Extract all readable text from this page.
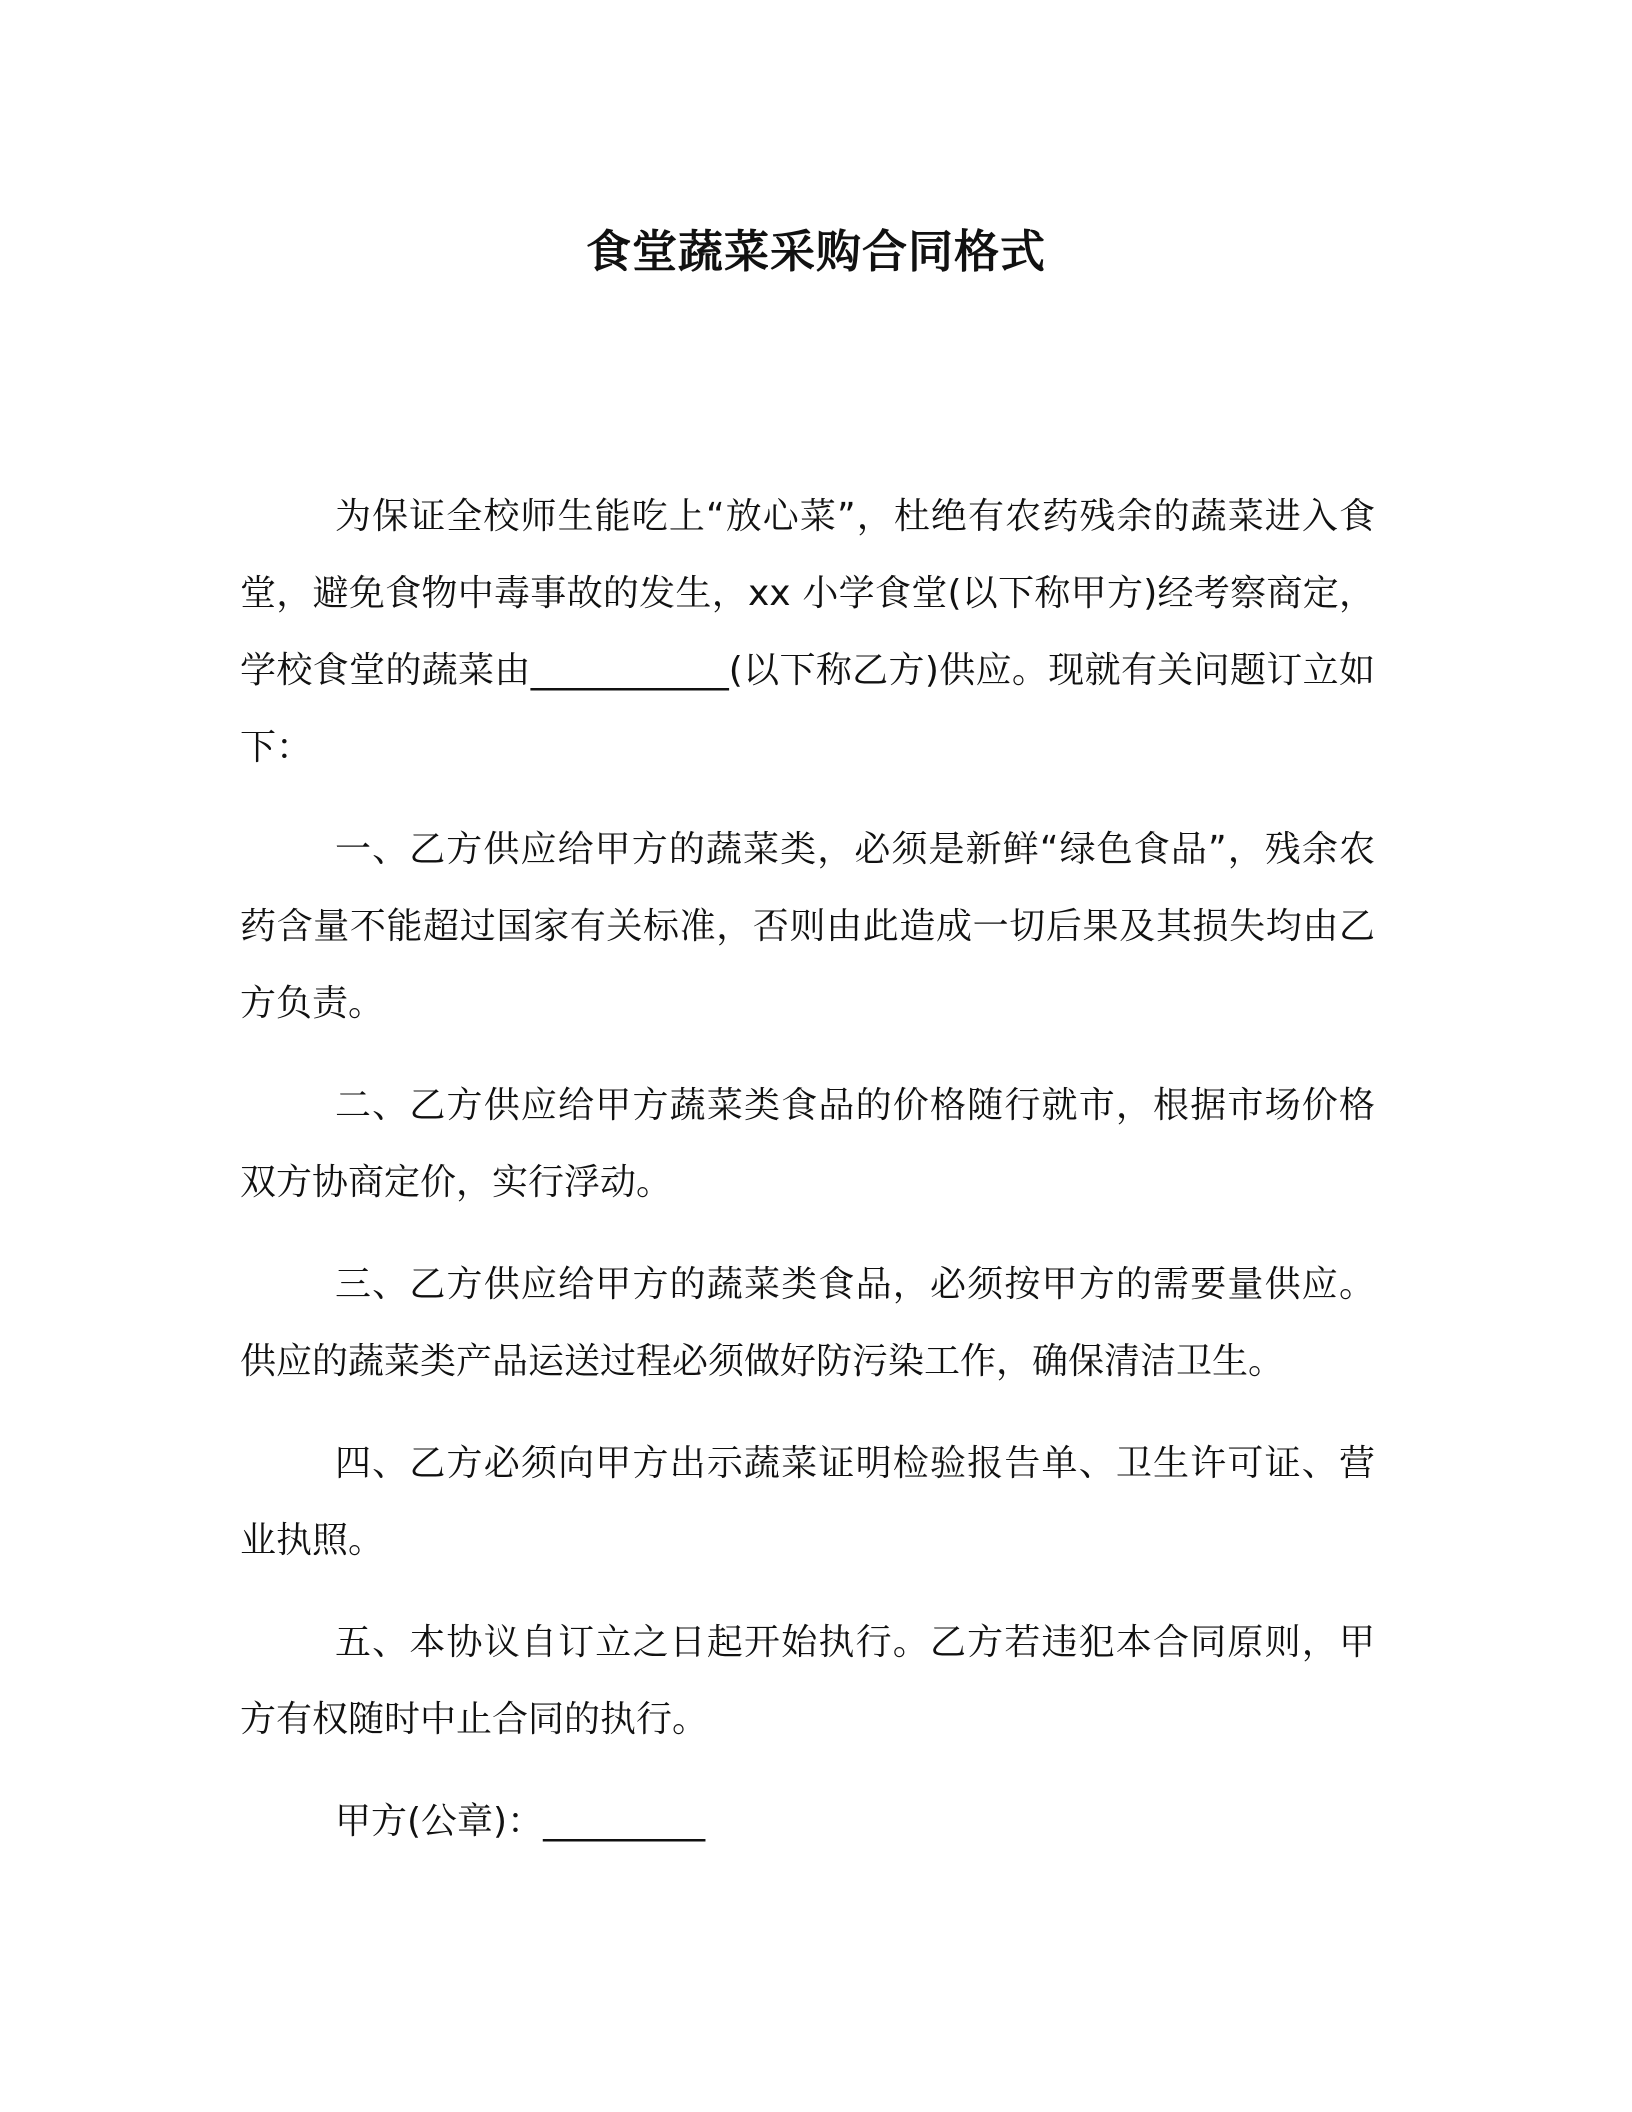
食堂蔬菜采购合同格式

为保证全校师生能吃上“放心菜”，杜绝有农药残余的蔬菜进入食堂，避免食物中毒事故的发生，xx 小学食堂(以下称甲方)经考察商定，学校食堂的蔬菜由___________(以下称乙方)供应。现就有关问题订立如下：

一、乙方供应给甲方的蔬菜类，必须是新鲜“绿色食品”，残余农药含量不能超过国家有关标准，否则由此造成一切后果及其损失均由乙方负责。

二、乙方供应给甲方蔬菜类食品的价格随行就市，根据市场价格双方协商定价，实行浮动。

三、乙方供应给甲方的蔬菜类食品，必须按甲方的需要量供应。供应的蔬菜类产品运送过程必须做好防污染工作，确保清洁卫生。

四、乙方必须向甲方出示蔬菜证明检验报告单、卫生许可证、营业执照。

五、本协议自订立之日起开始执行。乙方若违犯本合同原则，甲方有权随时中止合同的执行。

甲方(公章)：_________
